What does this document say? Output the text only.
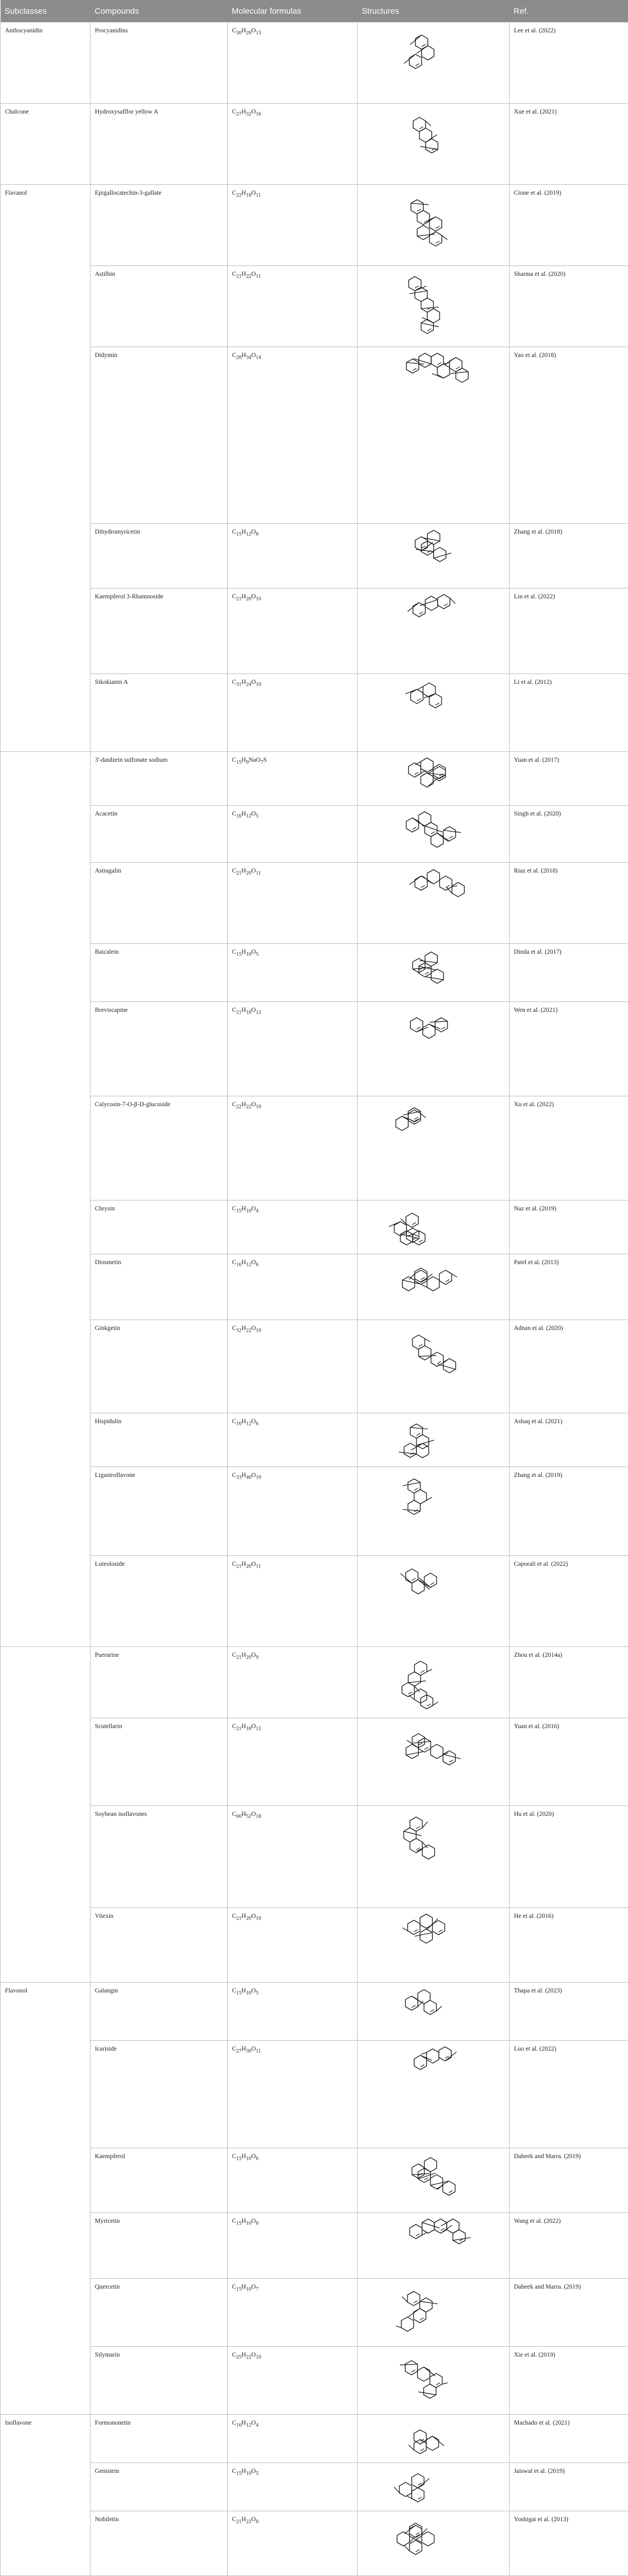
Subclasses	Compounds	Molecular formulas	Structures	Ref.
Anthocyanidin	Procyanidins	$C_{30}H_{26}O_{13}$		Lee et al. (2022)
Chalcone	Hydroxysafflor yellow A	$C_{27}H_{32}O_{16}$		Xue et al. (2021)
Flavanol	Epigallocatechin-3-gallate	$C_{22}H_{18}O_{11}$		Cione et al. (2019)
	Astilbin	$C_{21}H_{22}O_{11}$		Sharma et al. (2020)
	Didymin	$C_{28}H_{34}O_{14}$		Yao et al. (2018)
	Dihydromyricetin	$C_{15}H_{12}O_8$		Zhang et al. (2018)
	Kaempferol 3-Rhamnoside	$C_{21}H_{20}O_{10}$		Lin et al. (2022)
	Sikokianin A	$C_{31}H_{24}O_{10}$		Li et al. (2012)
	3'-daidzein sulfonate sodium	$C_{15}H_9NaO_7S$		Yuan et al. (2017)
	Acacetin	$C_{16}H_{12}O_5$		Singh et al. (2020)
	Astragalin	$C_{21}H_{20}O_{11}$		Riaz et al. (2018)
	Baicalein	$C_{15}H_{10}O_5$		Dinda et al. (2017)
	Breviscapine	$C_{21}H_{18}O_{12}$		Wen et al. (2021)
	Calycosin-7-O-β-D-glucoside	$C_{22}H_{22}O_{10}$		Xu et al. (2022)
	Chrysin	$C_{15}H_{10}O_4$		Naz et al. (2019)
	Diosmetin	$C_{16}H_{12}O_6$		Patel et al. (2013)
	Ginkgetin	$C_{32}H_{22}O_{10}$		Adnan et al. (2020)
	Hispidulin	$C_{16}H_{12}O_6$		Ashaq et al. (2021)
	Ligustroflavone	$C_{33}H_{40}O_{19}$		Zhang et al. (2019)
	Luteoloside	$C_{21}H_{20}O_{11}$		Caporali et al. (2022)
	Puerarine	$C_{21}H_{20}O_9$		Zhou et al. (2014a)
	Scutellarin	$C_{21}H_{18}O_{12}$		Yuan et al. (2016)
	Soybean isoflavones	$C_{66}H_{52}O_{18}$		Hu et al. (2020)
	Vitexin	$C_{21}H_{20}O_{10}$		He et al. (2016)
Flavonol	Galangin	$C_{15}H_{10}O_5$		Thapa et al. (2023)
	Icariside	$C_{27}H_{30}O_{11}$		Luo et al. (2022)
	Kaempferol	$C_{15}H_{10}O_6$		Dabeek and Marra. (2019)
	Myricetin	$C_{15}H_{10}O_8$		Wang et al. (2022)
	Quercetin	$C_{15}H_{10}O_7$		Dabeek and Marra. (2019)
	Silymarin	$C_{25}H_{22}O_{10}$		Xie et al. (2019)
Isoflavone	Formononetin	$C_{16}H_{12}O_4$		Machado et al. (2021)
	Genistein	$C_{15}H_{10}O_5$		Jaiswal et al. (2019)
	Nobiletin	$C_{21}H_{22}O_8$		Yoshigai et al. (2013)
